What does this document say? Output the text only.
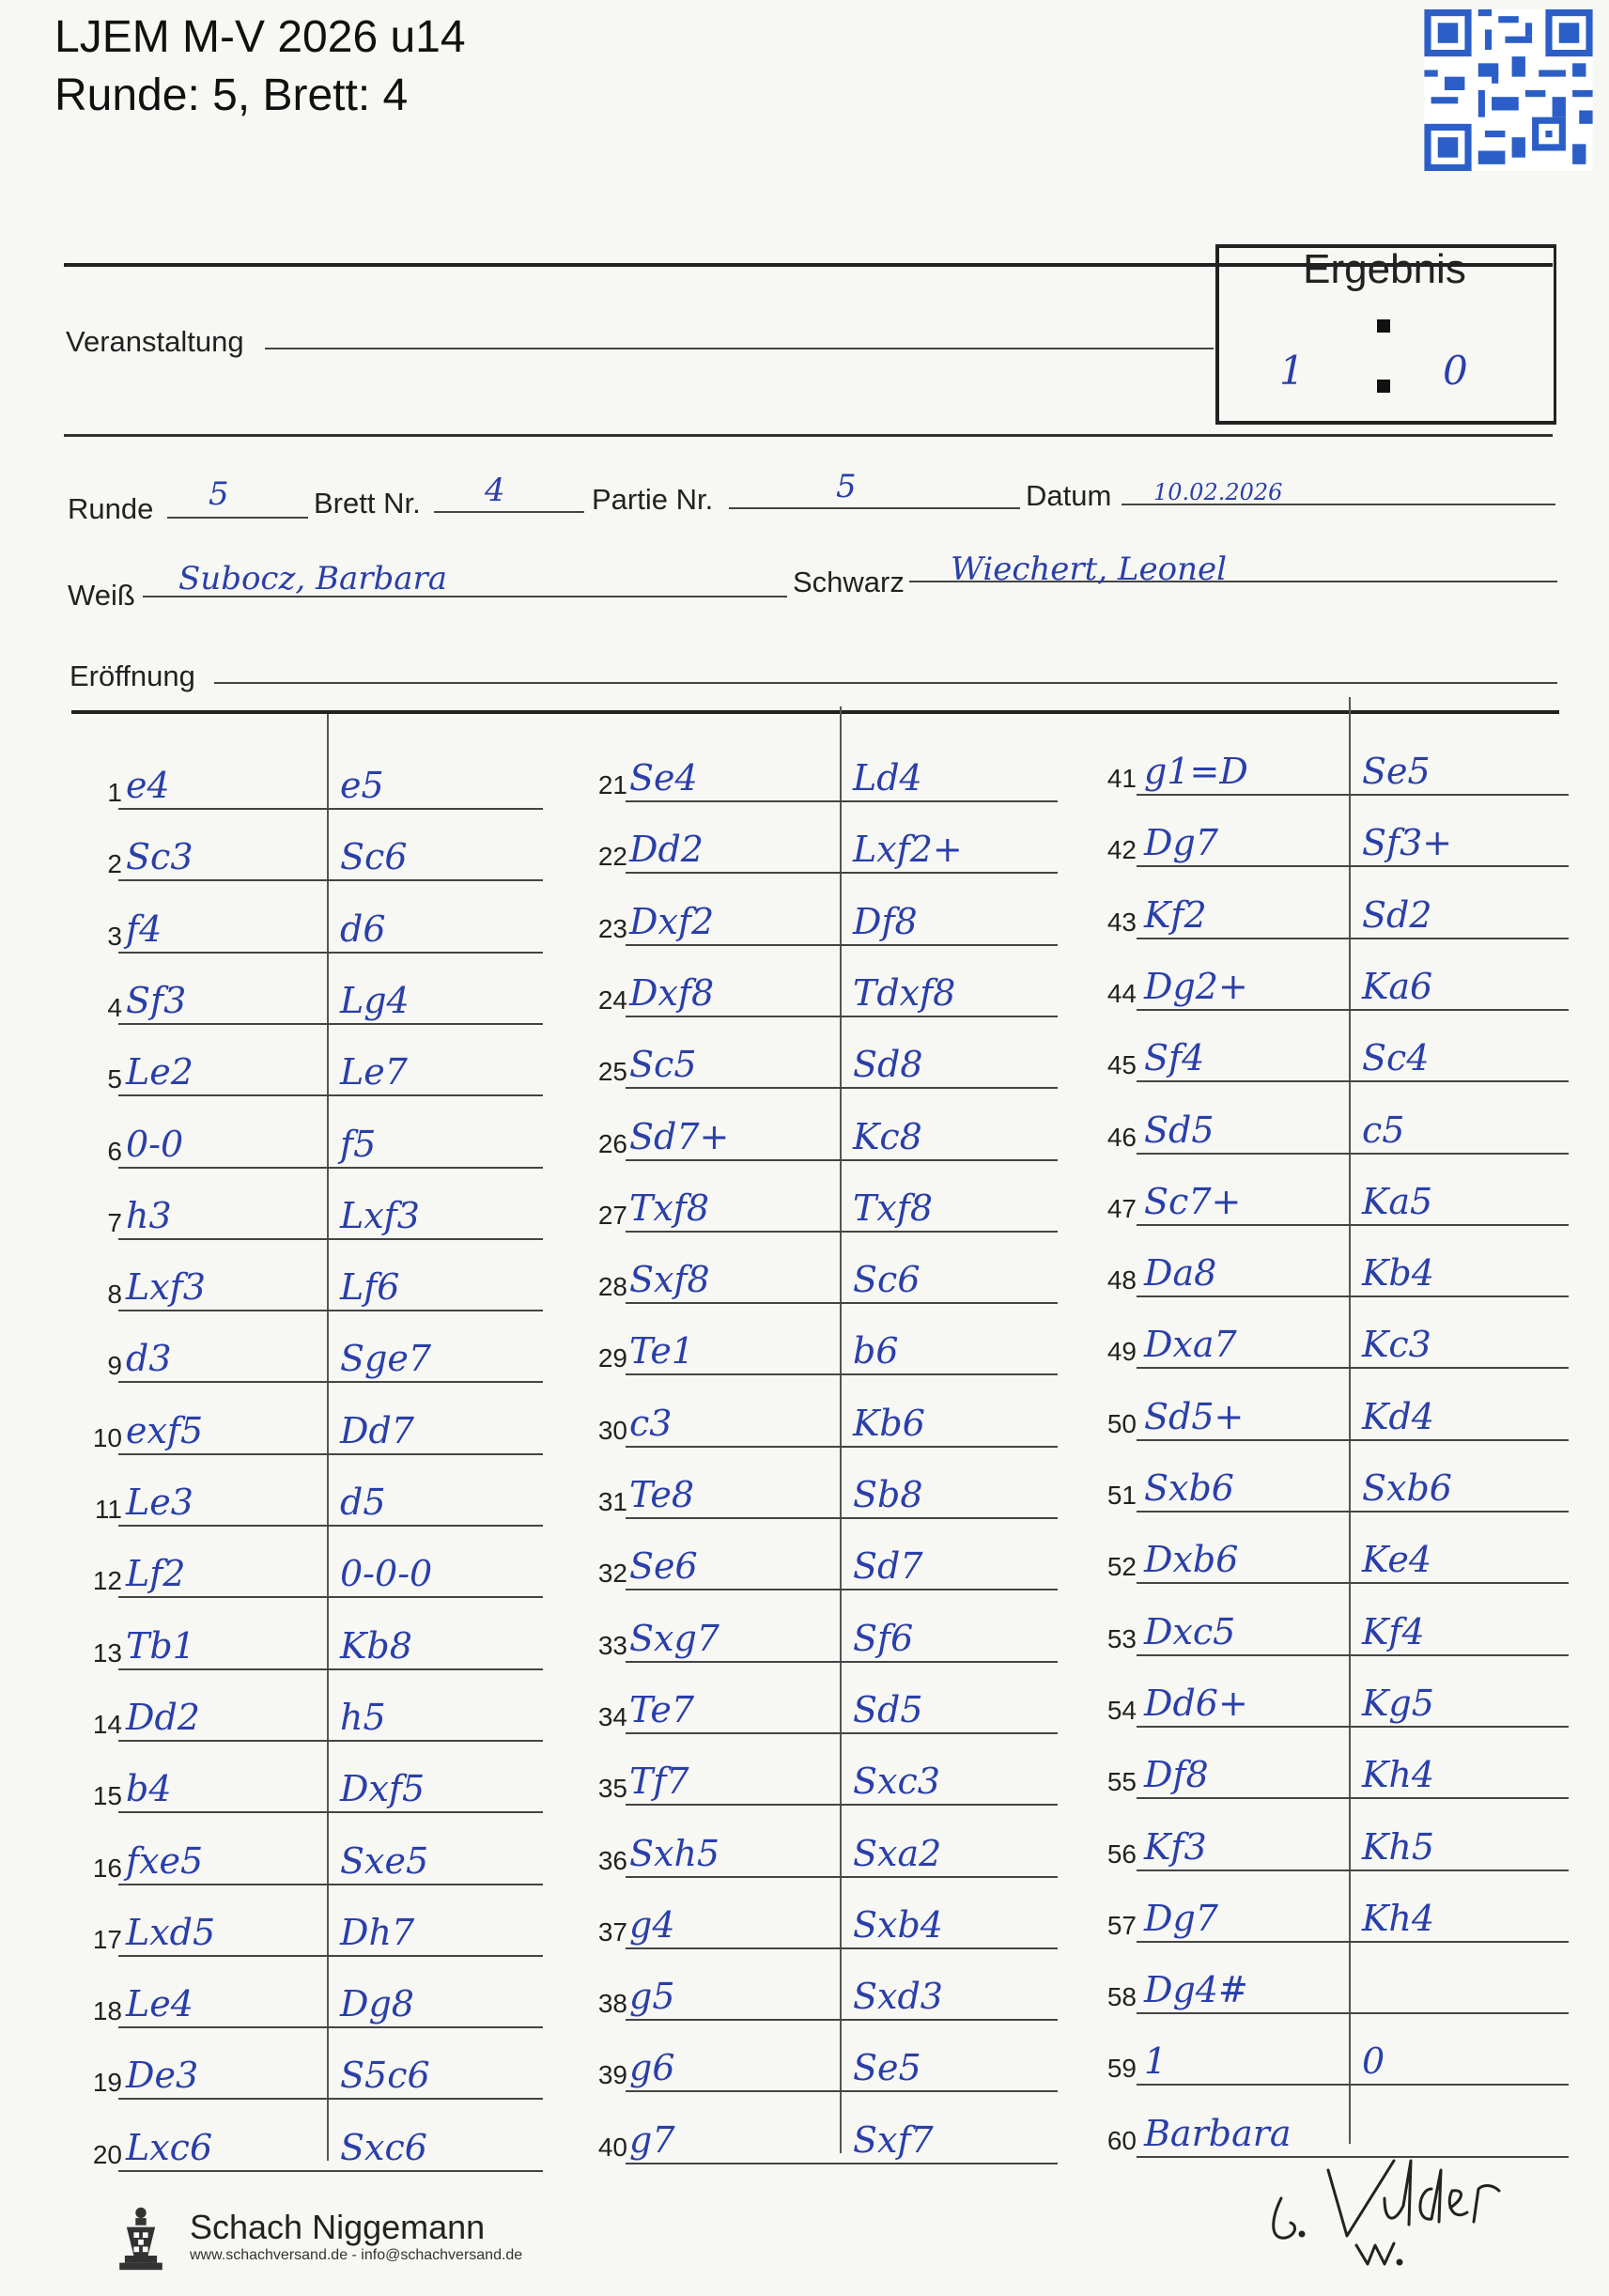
LJEM M-V 2026 u14
Runde: 5, Brett: 4
Veranstaltung
Ergebnis
1	0
Runde 5	Brett Nr. 4	Partie Nr.	5	Datum 10.02.2026
Weiß Subocz, Barbara	Schwarz Wiechert, Leonel
Eröffnung
1 e4	e5
2 Sc3	Sc6
3 f4	d6
4 Sf3	Lg4
5 Le2	Le7
6 0-0	f5
7 h3	Lxf3
8 Lxf3	Lf6
9 d3	Sge7
10 exf5	Dd7
11 Le3	d5
12 Lf2	0-0-0
13 Tb1	Kb8
14 Dd2	h5
15 b4	Dxf5
16 fxe5	Sxe5
17 Lxd5	Dh7
18 Le4	Dg8
19 De3	S5c6
20 Lxc6	Sxc6
21 Se4	Ld4
22 Dd2	Lxf2+
23 Dxf2	Df8
24 Dxf8	Tdxf8
25 Sc5	Sd8
26 Sd7+	Kc8
27 Txf8	Txf8
28 Sxf8	Sc6
29 Te1	b6
30 c3	Kb6
31 Te8	Sb8
32 Se6	Sd7
33 Sxg7	Sf6
34 Te7	Sd5
35 Tf7	Sxc3
36 Sxh5	Sxa2
37 g4	Sxb4
38 g5	Sxd3
39 g6	Se5
40 g7	Sxf7
41 g1=D	Se5
42 Dg7	Sf3+
43 Kf2	Sd2
44 Dg2+	Ka6
45 Sf4	Sc4
46 Sd5	c5
47 Sc7+	Ka5
48 Da8	Kb4
49 Dxa7	Kc3
50 Sd5+	Kd4
51 Sxb6	Sxb6
52 Dxb6	Ke4
53 Dxc5	Kf4
54 Dd6+	Kg5
55 Df8	Kh4
56 Kf3	Kh5
57 Dg7	Kh4
58 Dg4#
59 1	0
60 Barbara
Schach Niggemann
www.schachversand.de - info@schachversand.de
